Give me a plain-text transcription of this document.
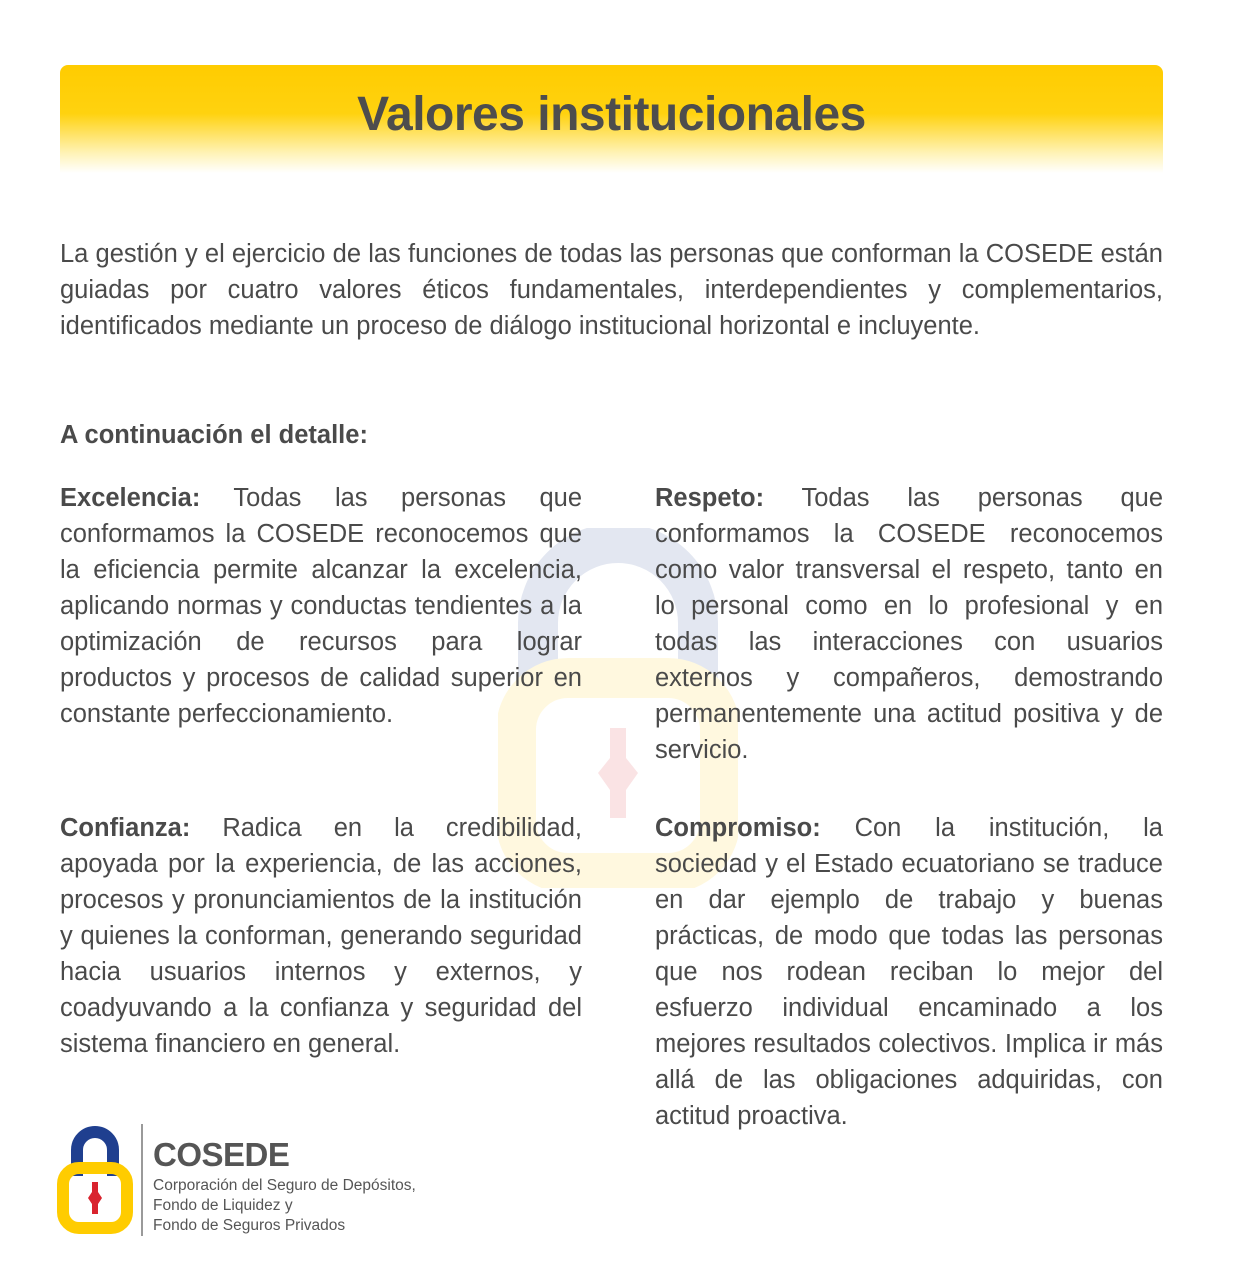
Valores institucionales

La gestión y el ejercicio de las funciones de todas las personas que conforman la COSEDE están guiadas por cuatro valores éticos fundamentales, interdependientes y complementarios, identificados mediante un proceso de diálogo institucional horizontal e incluyente.

A continuación el detalle:

Excelencia: Todas las personas que conformamos la COSEDE reconocemos que la eficiencia permite alcanzar la excelencia, aplicando normas y conductas tendientes a la optimización de recursos para lograr productos y procesos de calidad superior en constante perfeccionamiento.

Respeto: Todas las personas que conformamos la COSEDE reconocemos como valor transversal el respeto, tanto en lo personal como en lo profesional y en todas las interacciones con usuarios externos y compañeros, demostrando permanentemente una actitud positiva y de servicio.

Confianza: Radica en la credibilidad, apoyada por la experiencia, de las acciones, procesos y pronunciamientos de la institución y quienes la conforman, generando seguridad hacia usuarios internos y externos, y coadyuvando a la confianza y seguridad del sistema financiero en general.

Compromiso: Con la institución, la sociedad y el Estado ecuatoriano se traduce en dar ejemplo de trabajo y buenas prácticas, de modo que todas las personas que nos rodean reciban lo mejor del esfuerzo individual encaminado a los mejores resultados colectivos. Implica ir más allá de las obligaciones adquiridas, con actitud proactiva.

COSEDE

Corporación del Seguro de Depósitos,
Fondo de Liquidez y
Fondo de Seguros Privados
